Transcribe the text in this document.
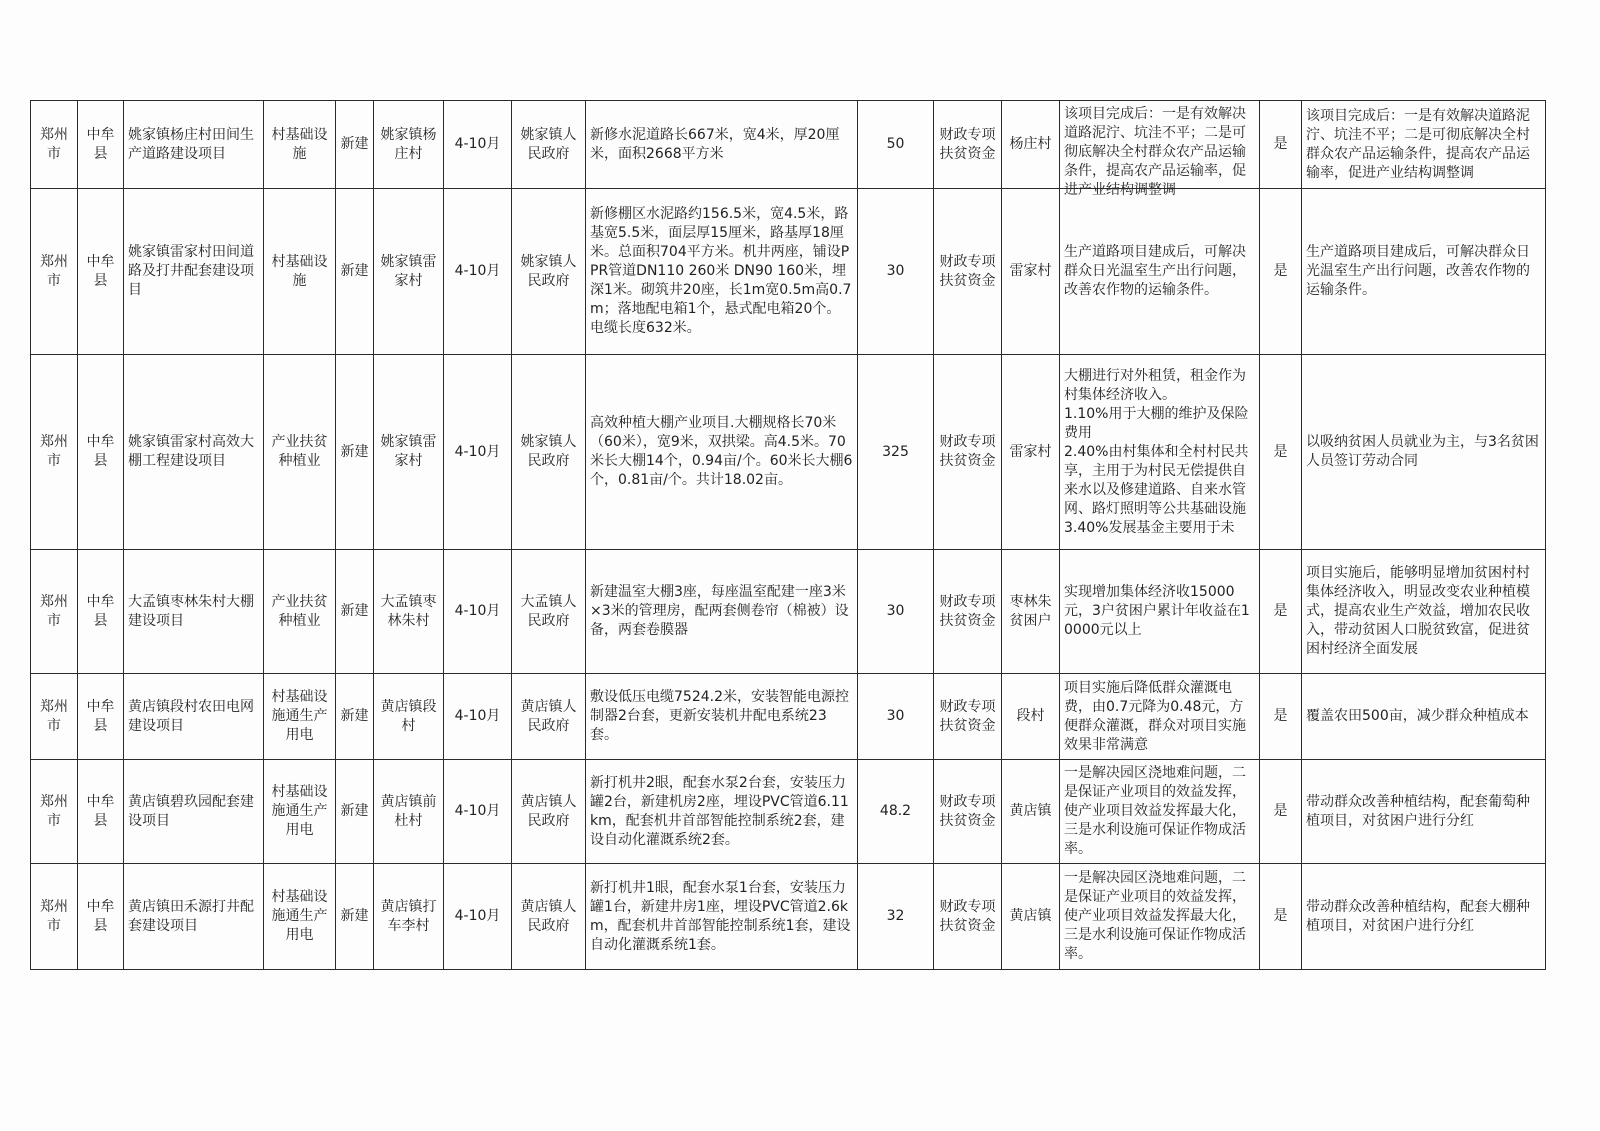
郑州市	中牟县	姚家镇杨庄村田间生产道路建设项目	村基础设施	新建	姚家镇杨庄村	4-10月	姚家镇人民政府	新修水泥道路长667米，宽4米，厚20厘米，面积2668平方米	50	财政专项扶贫资金	杨庄村	该项目完成后：一是有效解决道路泥泞、坑洼不平；二是可彻底解决全村群众农产品运输条件，提高农产品运输率，促进产业结构调整调	是	该项目完成后：一是有效解决道路泥泞、坑洼不平；二是可彻底解决全村群众农产品运输条件，提高农产品运输率，促进产业结构调整调

郑州市	中牟县	姚家镇雷家村田间道路及打井配套建设项目	村基础设施	新建	姚家镇雷家村	4-10月	姚家镇人民政府	新修棚区水泥路约156.5米，宽4.5米，路基宽5.5米，面层厚15厘米，路基厚18厘米。总面积704平方米。机井两座，铺设PPR管道DN110 260米 DN90 160米，埋深1米。砌筑井20座，长1m宽0.5m高0.7m；落地配电箱1个，悬式配电箱20个。电缆长度632米。	30	财政专项扶贫资金	雷家村	生产道路项目建成后，可解决群众日光温室生产出行问题，改善农作物的运输条件。	是	生产道路项目建成后，可解决群众日光温室生产出行问题，改善农作物的运输条件。

郑州市	中牟县	姚家镇雷家村高效大棚工程建设项目	产业扶贫种植业	新建	姚家镇雷家村	4-10月	姚家镇人民政府	高效种植大棚产业项目.大棚规格长70米（60米），宽9米，双拱梁。高4.5米。70米长大棚14个，0.94亩/个。60米长大棚6个，0.81亩/个。共计18.02亩。	325	财政专项扶贫资金	雷家村	大棚进行对外租赁，租金作为村集体经济收入。
1.10%用于大棚的维护及保险费用
2.40%由村集体和全村村民共享，主用于为村民无偿提供自来水以及修建道路、自来水管网、路灯照明等公共基础设施
3.40%发展基金主要用于未	是	以吸纳贫困人员就业为主，与3名贫困人员签订劳动合同

郑州市	中牟县	大孟镇枣林朱村大棚建设项目	产业扶贫种植业	新建	大孟镇枣林朱村	4-10月	大孟镇人民政府	新建温室大棚3座，每座温室配建一座3米×3米的管理房，配两套侧卷帘（棉被）设备，两套卷膜器	30	财政专项扶贫资金	枣林朱贫困户	实现增加集体经济收15000元，3户贫困户累计年收益在10000元以上	是	项目实施后，能够明显增加贫困村村集体经济收入，明显改变农业种植模式，提高农业生产效益，增加农民收入，带动贫困人口脱贫致富，促进贫困村经济全面发展

郑州市	中牟县	黄店镇段村农田电网建设项目	村基础设施通生产用电	新建	黄店镇段村	4-10月	黄店镇人民政府	敷设低压电缆7524.2米，安装智能电源控制器2台套，更新安装机井配电系统23套。	30	财政专项扶贫资金	段村	项目实施后降低群众灌溉电费，由0.7元降为0.48元，方便群众灌溉，群众对项目实施效果非常满意	是	覆盖农田500亩，减少群众种植成本

郑州市	中牟县	黄店镇碧玖园配套建设项目	村基础设施通生产用电	新建	黄店镇前杜村	4-10月	黄店镇人民政府	新打机井2眼，配套水泵2台套，安装压力罐2台，新建机房2座，埋设PVC管道6.11km，配套机井首部智能控制系统2套，建设自动化灌溉系统2套。	48.2	财政专项扶贫资金	黄店镇	一是解决园区浇地难问题，二是保证产业项目的效益发挥，使产业项目效益发挥最大化，三是水利设施可保证作物成活率。	是	带动群众改善种植结构，配套葡萄种植项目，对贫困户进行分红

郑州市	中牟县	黄店镇田禾源打井配套建设项目	村基础设施通生产用电	新建	黄店镇打车李村	4-10月	黄店镇人民政府	新打机井1眼，配套水泵1台套，安装压力罐1台，新建井房1座，埋设PVC管道2.6km，配套机井首部智能控制系统1套，建设自动化灌溉系统1套。	32	财政专项扶贫资金	黄店镇	一是解决园区浇地难问题，二是保证产业项目的效益发挥，使产业项目效益发挥最大化，三是水利设施可保证作物成活率。	是	带动群众改善种植结构，配套大棚种植项目，对贫困户进行分红
